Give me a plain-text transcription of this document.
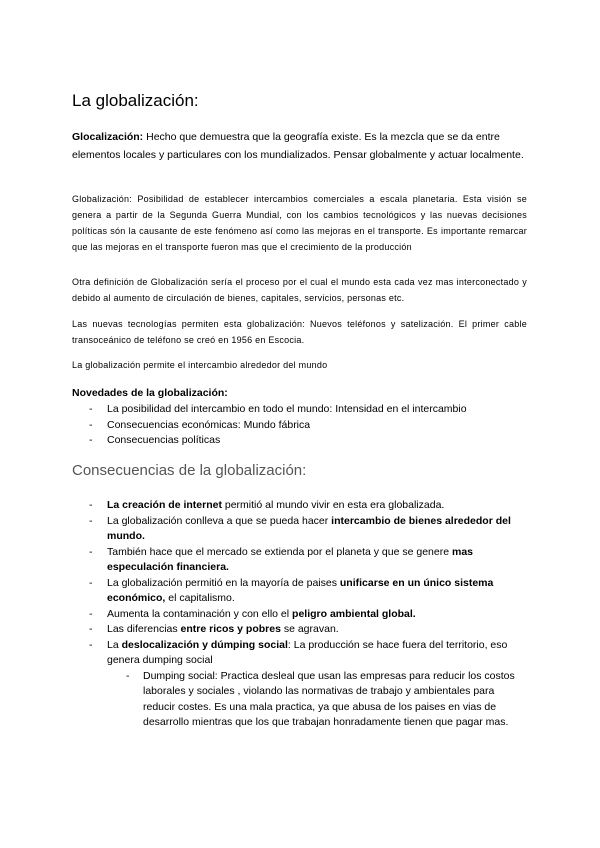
La globalización:

Glocalización: Hecho que demuestra que la geografía existe. Es la mezcla que se da entre elementos locales y particulares con los mundializados. Pensar globalmente y actuar localmente.

Globalización: Posibilidad de establecer intercambios comerciales a escala planetaria. Esta visión se genera a partir de la Segunda Guerra Mundial, con los cambios tecnológicos y las nuevas decisiones políticas són la causante de este fenómeno así como las mejoras en el transporte. Es importante remarcar que las mejoras en el transporte fueron mas que el crecimiento de la producción

Otra definición de Globalización sería el proceso por el cual el mundo esta cada vez mas interconectado y debido al aumento de circulación de bienes, capitales, servicios, personas etc.

Las nuevas tecnologías permiten esta globalización: Nuevos teléfonos y satelización. El primer cable transoceánico de teléfono se creó en 1956 en Escocia.

La globalización permite el intercambio alrededor del mundo

Novedades de la globalización:

- La posibilidad del intercambio en todo el mundo: Intensidad en el intercambio
- Consecuencias económicas: Mundo fábrica
- Consecuencias políticas
Consecuencias de la globalización:
- La creación de internet permitió al mundo vivir en esta era globalizada.
- La globalización conlleva a que se pueda hacer intercambio de bienes alrededor del mundo.
- También hace que el mercado se extienda por el planeta y que se genere mas especulación financiera.
- La globalización permitió en la mayoría de paises unificarse en un único sistema económico, el capitalismo.
- Aumenta la contaminación y con ello el peligro ambiental global.
- Las diferencias entre ricos y pobres se agravan.
- La deslocalización y dúmping social: La producción se hace fuera del territorio, eso genera dumping social
- Dumping social: Practica desleal que usan las empresas para reducir los costos laborales y sociales , violando las normativas de trabajo y ambientales para reducir costes. Es una mala practica, ya que abusa de los paises en vias de desarrollo mientras que los que trabajan honradamente tienen que pagar mas.
